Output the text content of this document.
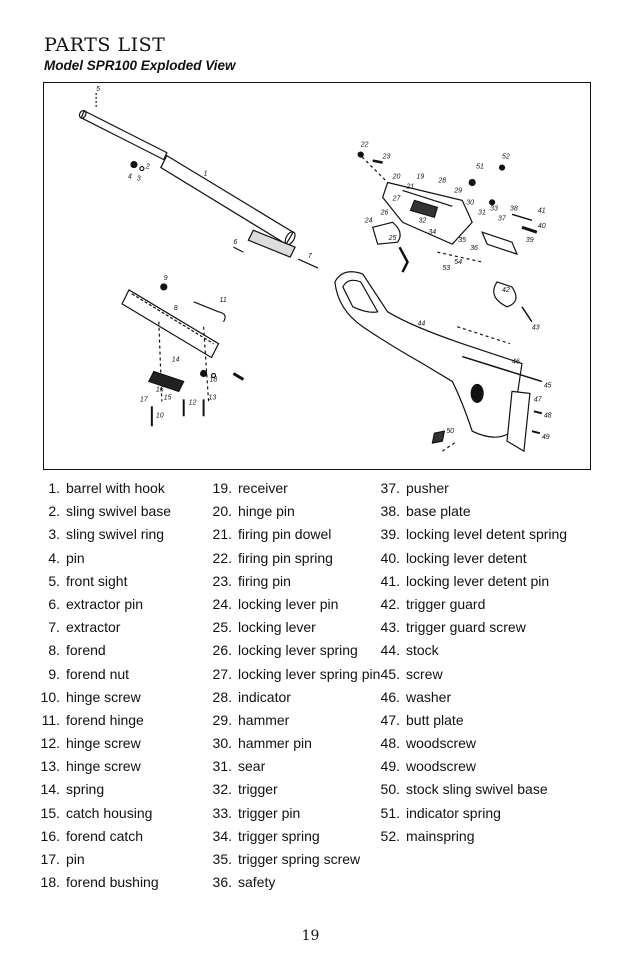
PARTS LIST
Model SPR100 Exploded View
5
4 3
2
1
6
7
9
8
11
14
18
17 15
16
10
12
13
22
23
20
21
19
28
51
52
29
30
31
27
26
24
25
32
33
34
35
36
37
38
39
40
41
42
43
53
54
44
46
45
47
48
49
50
1. barrel with hook
2. sling swivel base
3. sling swivel ring
4. pin
5. front sight
6. extractor pin
7. extractor
8. forend
9. forend nut
10. hinge screw
11. forend hinge
12. hinge screw
13. hinge screw
14. spring
15. catch housing
16. forend catch
17. pin
18. forend bushing
19. receiver
20. hinge pin
21. firing pin dowel
22. firing pin spring
23. firing pin
24. locking lever pin
25. locking lever
26. locking lever spring
27. locking lever spring pin
28. indicator
29. hammer
30. hammer pin
31. sear
32. trigger
33. trigger pin
34. trigger spring
35. trigger spring screw
36. safety
37. pusher
38. base plate
39. locking level detent spring
40. locking lever detent
41. locking lever detent pin
42. trigger guard
43. trigger guard screw
44. stock
45. screw
46. washer
47. butt plate
48. woodscrew
49. woodscrew
50. stock sling swivel base
51. indicator spring
52. mainspring
19
